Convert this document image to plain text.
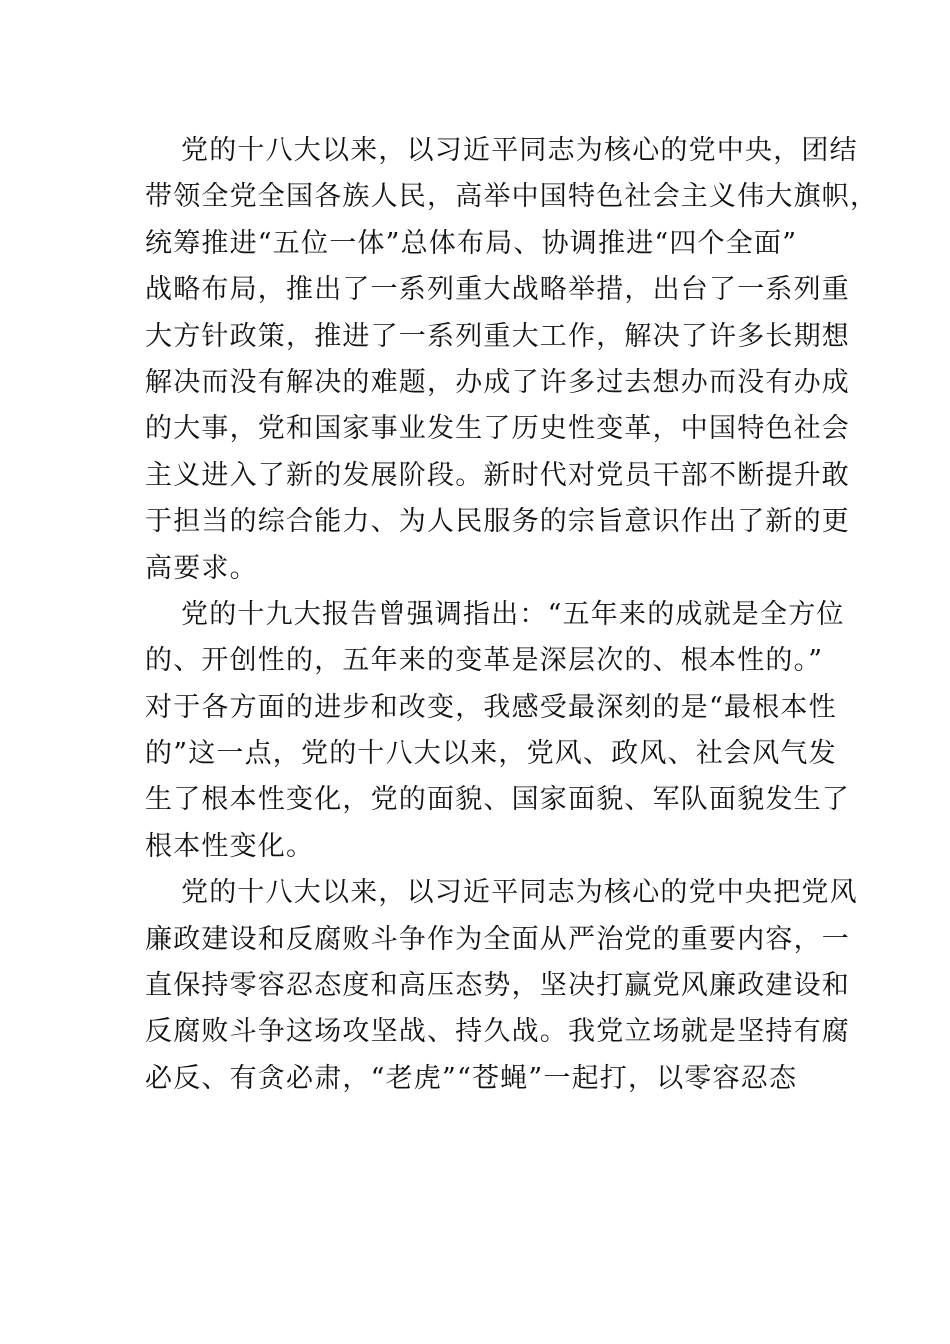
党的十八大以来，以习近平同志为核心的党中央，团结
带领全党全国各族人民，高举中国特色社会主义伟大旗帜，
统筹推进“五位一体”总体布局、协调推进“四个全面”
战略布局，推出了一系列重大战略举措，出台了一系列重
大方针政策，推进了一系列重大工作，解决了许多长期想
解决而没有解决的难题，办成了许多过去想办而没有办成
的大事，党和国家事业发生了历史性变革，中国特色社会
主义进入了新的发展阶段。新时代对党员干部不断提升敢
于担当的综合能力、为人民服务的宗旨意识作出了新的更
高要求。
党的十九大报告曾强调指出：“五年来的成就是全方位
的、开创性的，五年来的变革是深层次的、根本性的。”
对于各方面的进步和改变，我感受最深刻的是“最根本性
的”这一点，党的十八大以来，党风、政风、社会风气发
生了根本性变化，党的面貌、国家面貌、军队面貌发生了
根本性变化。
党的十八大以来，以习近平同志为核心的党中央把党风
廉政建设和反腐败斗争作为全面从严治党的重要内容，一
直保持零容忍态度和高压态势，坚决打赢党风廉政建设和
反腐败斗争这场攻坚战、持久战。我党立场就是坚持有腐
必反、有贪必肃，“老虎”“苍蝇”一起打，以零容忍态
